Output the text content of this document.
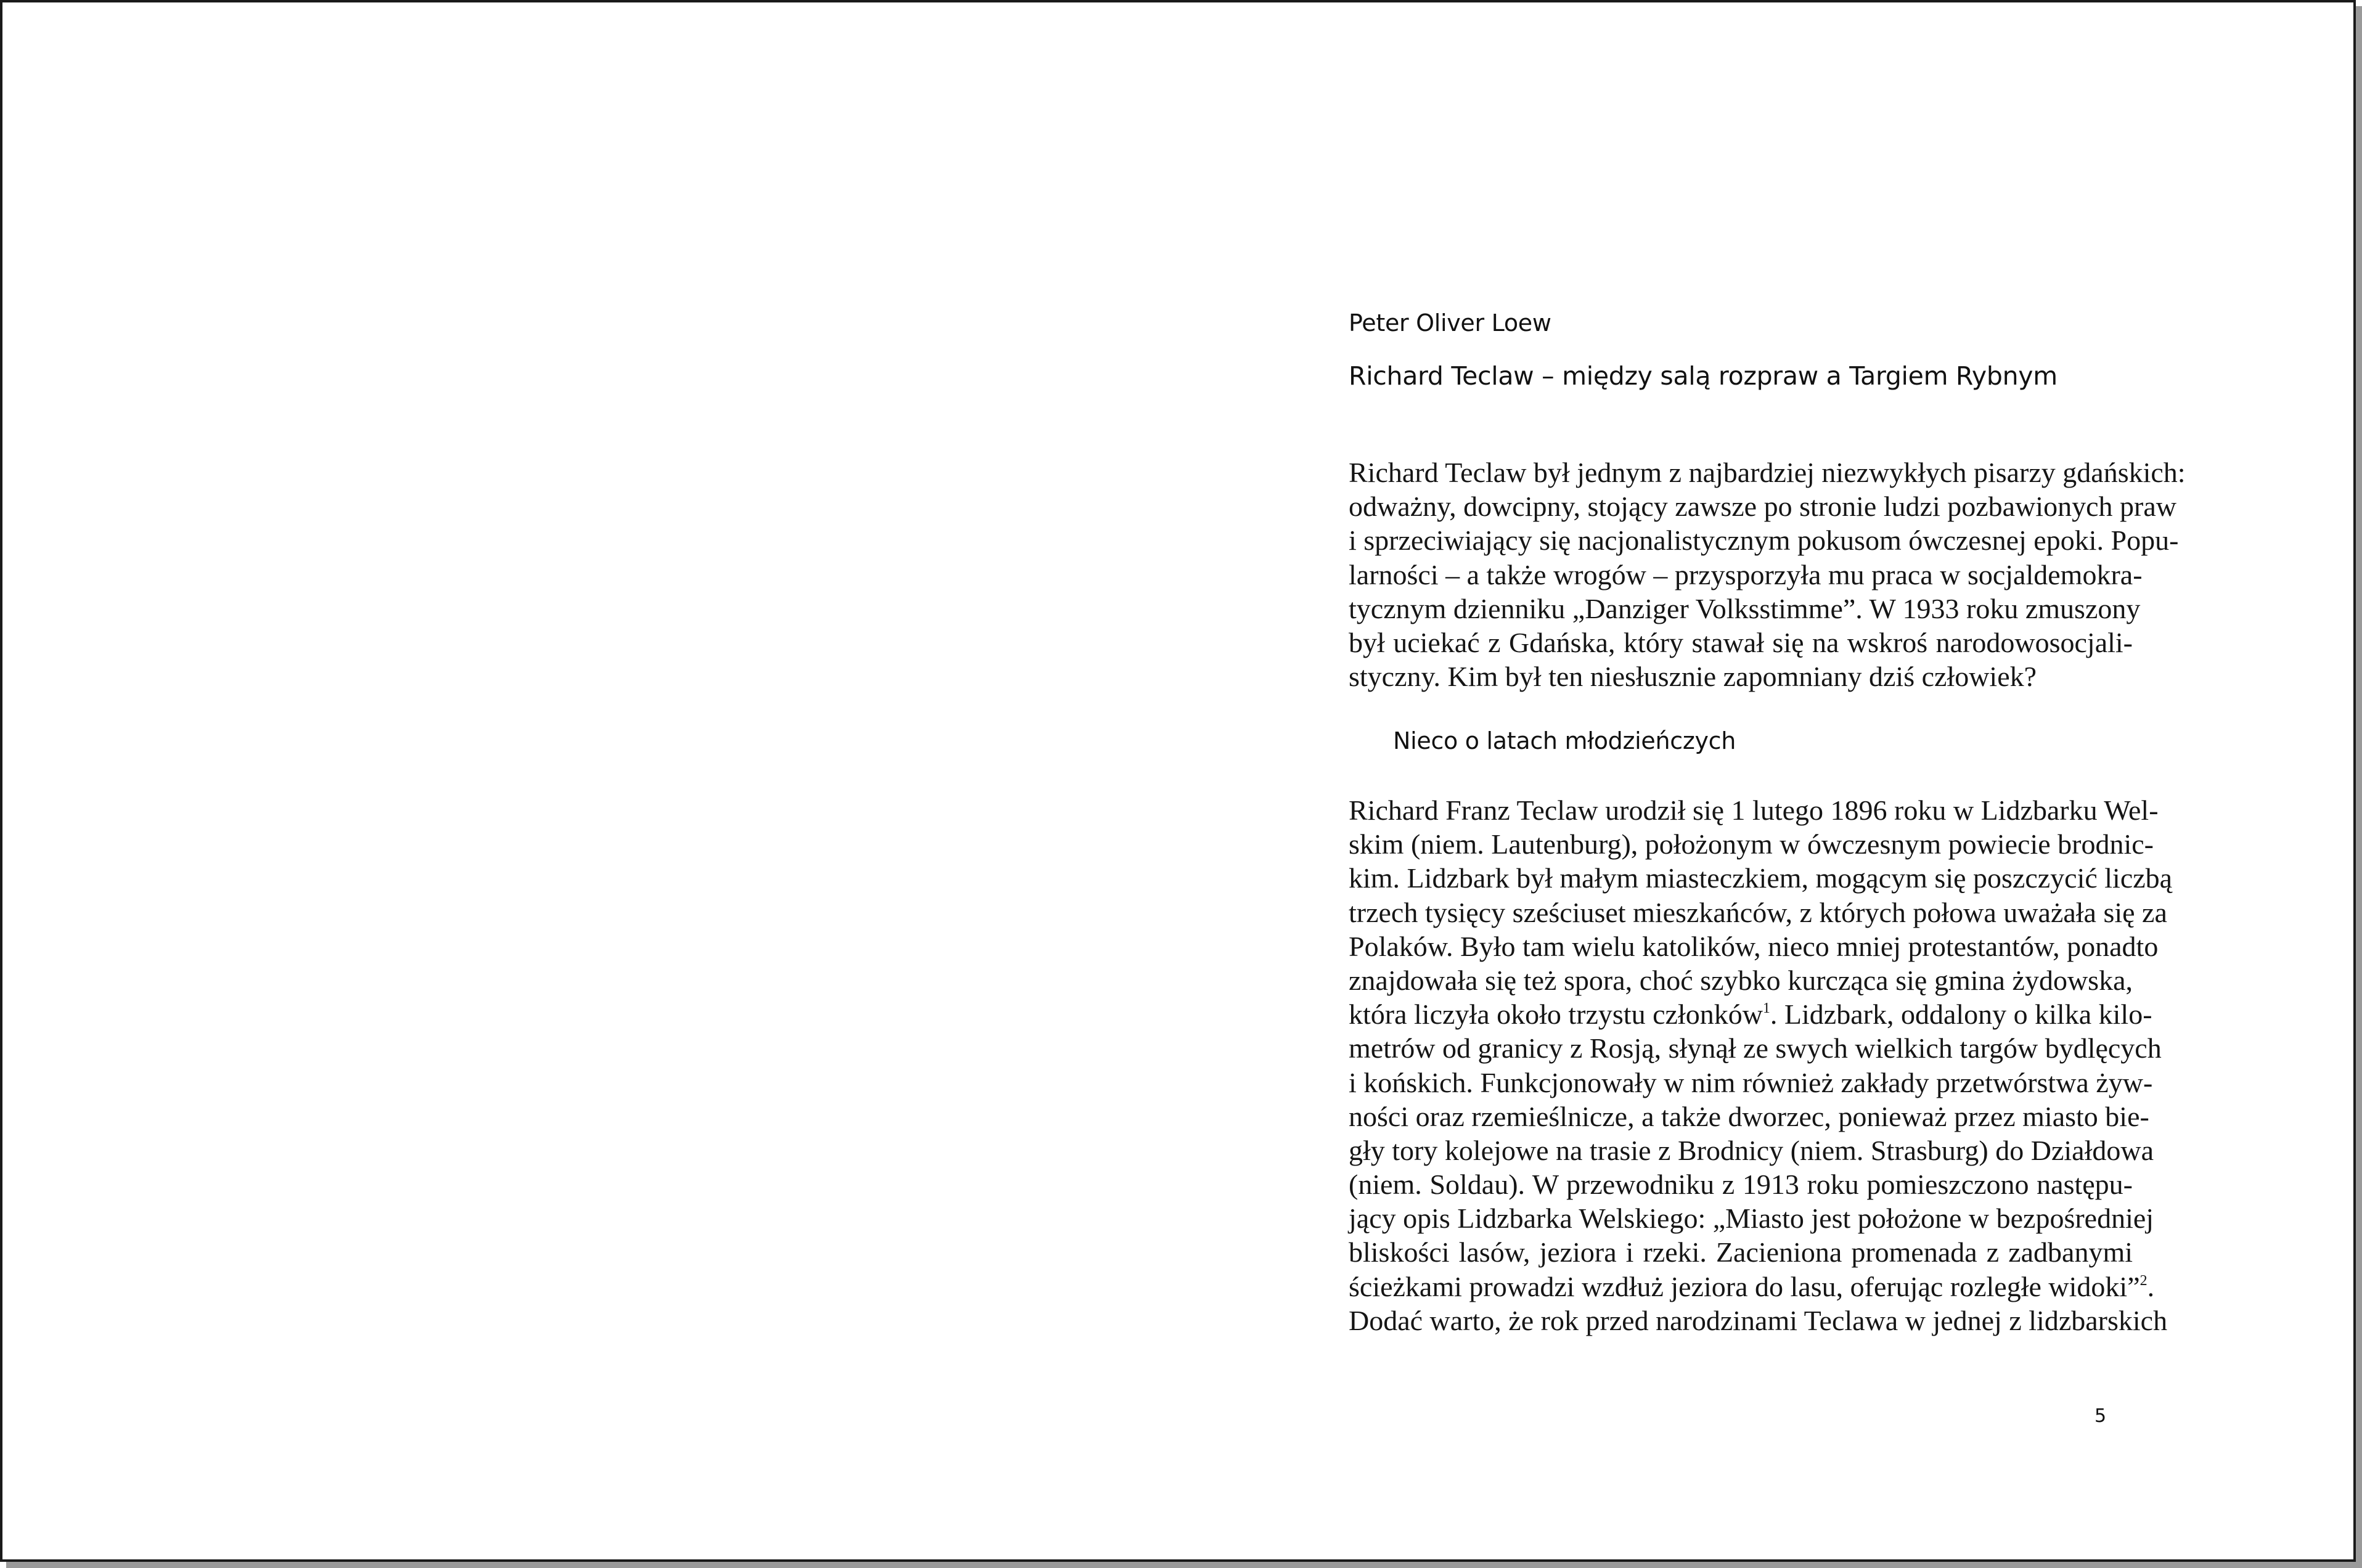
Peter Oliver Loew
Richard Teclaw – między salą rozpraw a Targiem Rybnym
Richard Teclaw był jednym z najbardziej niezwykłych pisarzy gdańskich:
odważny, dowcipny, stojący zawsze po stronie ludzi pozbawionych praw
i sprzeciwiający się nacjonalistycznym pokusom ówczesnej epoki. Popu-
larności – a także wrogów – przysporzyła mu praca w socjaldemokra-
tycznym dzienniku „Danziger Volksstimme”. W 1933 roku zmuszony
był uciekać z Gdańska, który stawał się na wskroś narodowosocjali-
styczny. Kim był ten niesłusznie zapomniany dziś człowiek?
Nieco o latach młodzieńczych
Richard Franz Teclaw urodził się 1 lutego 1896 roku w Lidzbarku Wel-
skim (niem. Lautenburg), położonym w ówczesnym powiecie brodnic-
kim. Lidzbark był małym miasteczkiem, mogącym się poszczycić liczbą
trzech tysięcy sześciuset mieszkańców, z których połowa uważała się za
Polaków. Było tam wielu katolików, nieco mniej protestantów, ponadto
znajdowała się też spora, choć szybko kurcząca się gmina żydowska,
która liczyła około trzystu członków$^1$. Lidzbark, oddalony o kilka kilo-
metrów od granicy z Rosją, słynął ze swych wielkich targów bydlęcych
i końskich. Funkcjonowały w nim również zakłady przetwórstwa żyw-
ności oraz rzemieślnicze, a także dworzec, ponieważ przez miasto bie-
gły tory kolejowe na trasie z Brodnicy (niem. Strasburg) do Działdowa
(niem. Soldau). W przewodniku z 1913 roku pomieszczono następu-
jący opis Lidzbarka Welskiego: „Miasto jest położone w bezpośredniej
bliskości lasów, jeziora i rzeki. Zacieniona promenada z zadbanymi
ścieżkami prowadzi wzdłuż jeziora do lasu, oferując rozległe widoki”$^2$.
Dodać warto, że rok przed narodzinami Teclawa w jednej z lidzbarskich
5
